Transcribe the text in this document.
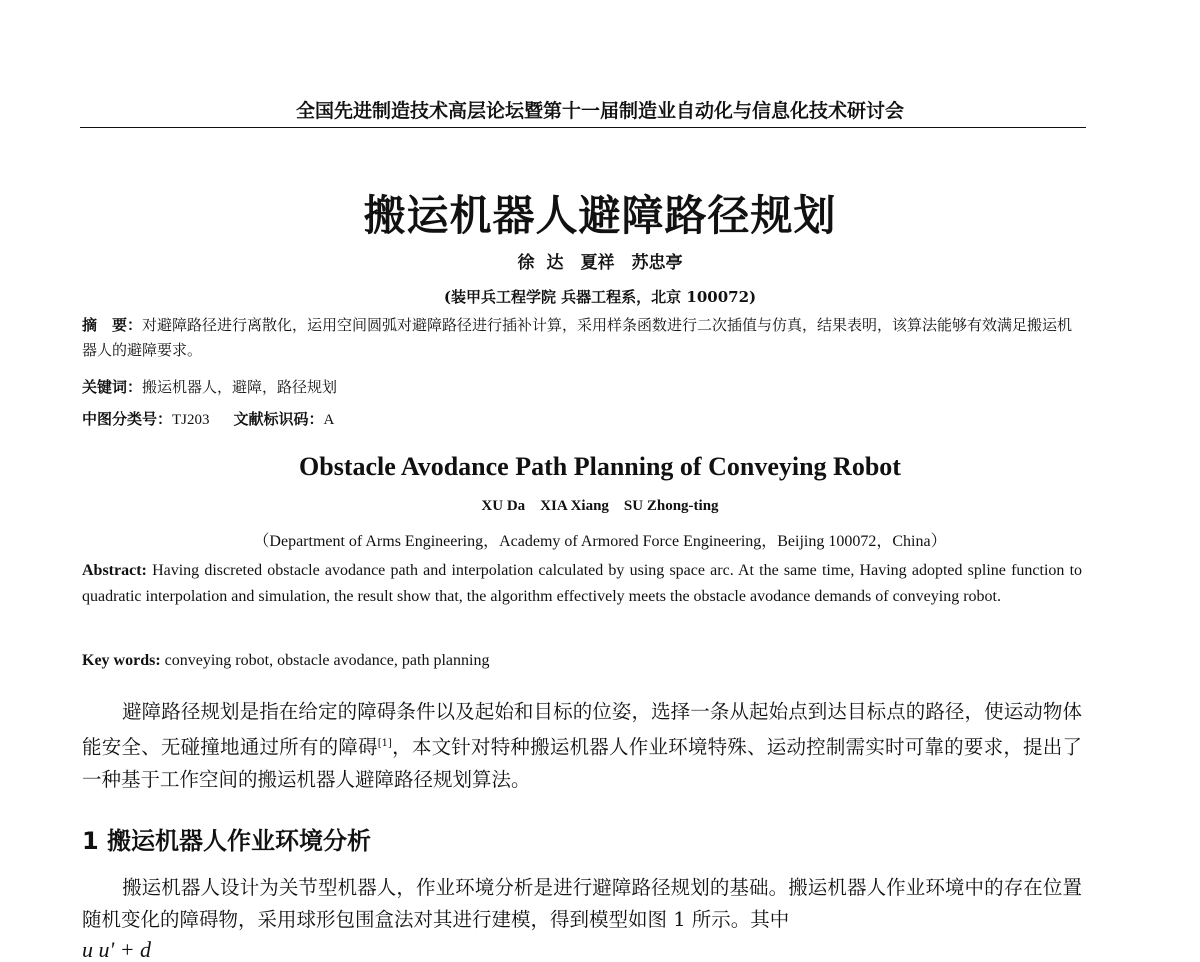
全国先进制造技术高层论坛暨第十一届制造业自动化与信息化技术研讨会
搬运机器人避障路径规划
徐 达　夏祥　苏忠亭
(装甲兵工程学院 兵器工程系，北京 100072)
摘　要：对避障路径进行离散化，运用空间圆弧对避障路径进行插补计算，采用样条函数进行二次插值与仿真，结果表明，该算法能够有效满足搬运机器人的避障要求。
关键词：搬运机器人，避障，路径规划
中图分类号：TJ203 文献标识码：A
Obstacle Avodance Path Planning of Conveying Robot
XU Da　XIA Xiang　SU Zhong-ting
（Department of Arms Engineering，Academy of Armored Force Engineering，Beijing 100072，China）
Abstract: Having discreted obstacle avodance path and interpolation calculated by using space arc. At the same time, Having adopted spline function to quadratic interpolation and simulation, the result show that, the algorithm effectively meets the obstacle avodance demands of conveying robot.
Key words: conveying robot, obstacle avodance, path planning
避障路径规划是指在给定的障碍条件以及起始和目标的位姿，选择一条从起始点到达目标点的路径，使运动物体能安全、无碰撞地通过所有的障碍[1]，本文针对特种搬运机器人作业环境特殊、运动控制需实时可靠的要求，提出了一种基于工作空间的搬运机器人避障路径规划算法。
1 搬运机器人作业环境分析
搬运机器人设计为关节型机器人，作业环境分析是进行避障路径规划的基础。搬运机器人作业环境中的存在位置随机变化的障碍物，采用球形包围盒法对其进行建模，得到模型如图 1 所示。其中
u u' + d
